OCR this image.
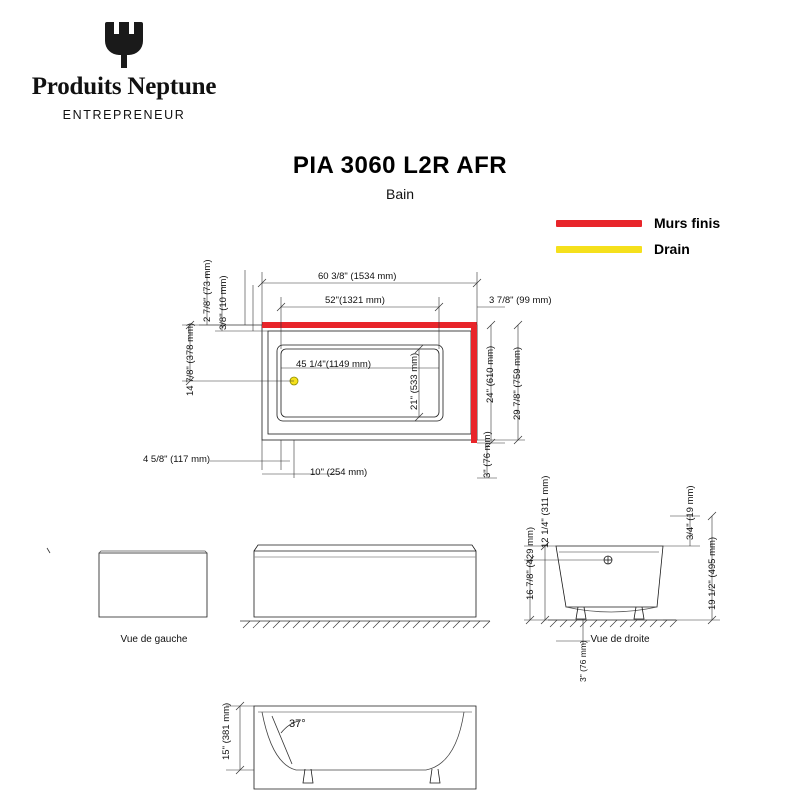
Produits Neptune
ENTREPRENEUR
PIA 3060 L2R AFR
Bain
Murs finis
Drain
60 3/8" (1534 mm)
52"(1321 mm)	3 7/8" (99 mm)
45 1/4"(1149 mm)
2 7/8" (73 mm) 3/8" (10 mm)
14 7/8" (378 mm)	21" (533 mm)	24" (610 mm) 29 7/8" (759 mm)
3" (76 mm)
4 5/8" (117 mm)
10" (254 mm)
16 7/8" (429 mm)
12 1/4" (311 mm)	3/4" (19 mm)
19 1/2" (495 mm)
3" (76 mm)
15" (381 mm)	37°
Vue de gauche	Vue de droite
